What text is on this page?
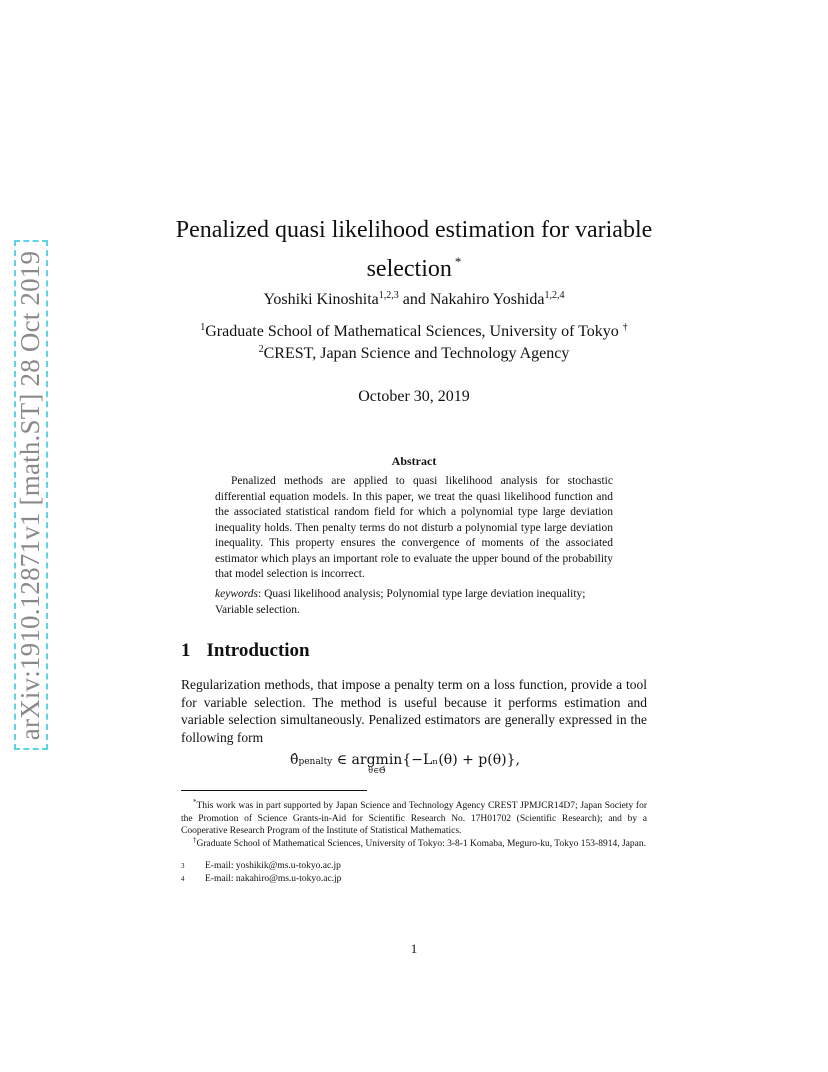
arXiv:1910.12871v1 [math.ST] 28 Oct 2019
Penalized quasi likelihood estimation for variable
selection *
Yoshiki Kinoshita$^{1,2,3}$ and Nakahiro Yoshida$^{1,2,4}$
$^1$Graduate School of Mathematical Sciences, University of Tokyo †
$^2$CREST, Japan Science and Technology Agency
October 30, 2019
Abstract

Penalized methods are applied to quasi likelihood analysis for stochastic differential equation models. In this paper, we treat the quasi likelihood function and the associated statistical random field for which a polynomial type large deviation inequality holds. Then penalty terms do not disturb a polynomial type large deviation inequality. This property ensures the convergence of moments of the associated estimator which plays an important role to evaluate the upper bound of the probability that model selection is incorrect.

keywords: Quasi likelihood analysis; Polynomial type large deviation inequality; Variable selection.

1 Introduction

Regularization methods, that impose a penalty term on a loss function, provide a tool for variable selection. The method is useful because it performs estimation and variable selection simultaneously. Penalized estimators are generally expressed in the following form

θ̂penalty ∈ argmin
θ∈Θ̄
{−Lₙ(θ) + p(θ)},

*This work was in part supported by Japan Science and Technology Agency CREST JPMJCR14D7; Japan Society for the Promotion of Science Grants-in-Aid for Scientific Research No. 17H01702 (Scientific Research); and by a Cooperative Research Program of the Institute of Statistical Mathematics.

†Graduate School of Mathematical Sciences, University of Tokyo: 3-8-1 Komaba, Meguro-ku, Tokyo 153-8914, Japan.

3	E-mail: yoshikik@ms.u-tokyo.ac.jp

4	E-mail: nakahiro@ms.u-tokyo.ac.jp

1
